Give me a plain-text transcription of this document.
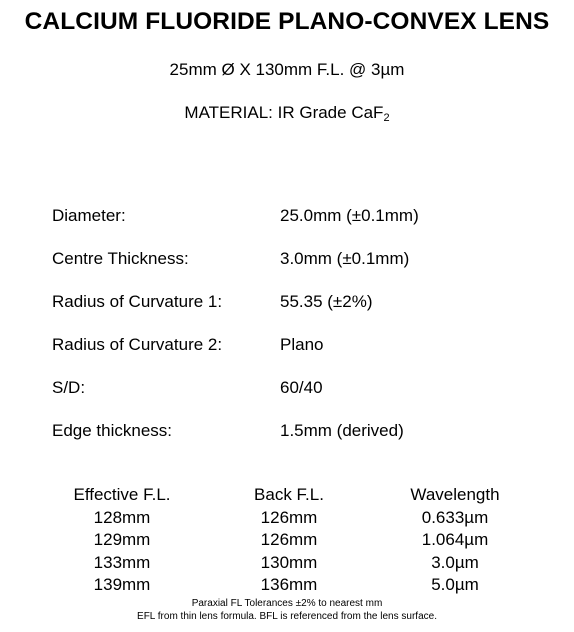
CALCIUM FLUORIDE PLANO-CONVEX LENS
25mm Ø X 130mm F.L. @ 3µm
MATERIAL: IR Grade CaF$_2$
Diameter:	25.0mm (±0.1mm)
Centre Thickness:	3.0mm (±0.1mm)
Radius of Curvature 1:	55.35 (±2%)
Radius of Curvature 2:	Plano
S/D:	60/40
Edge thickness:	1.5mm (derived)
Effective F.L.	Back F.L.	Wavelength
128mm	126mm	0.633µm
129mm	126mm	1.064µm
133mm	130mm	3.0µm
139mm	136mm	5.0µm
Paraxial FL Tolerances ±2% to nearest mm
EFL from thin lens formula. BFL is referenced from the lens surface.
